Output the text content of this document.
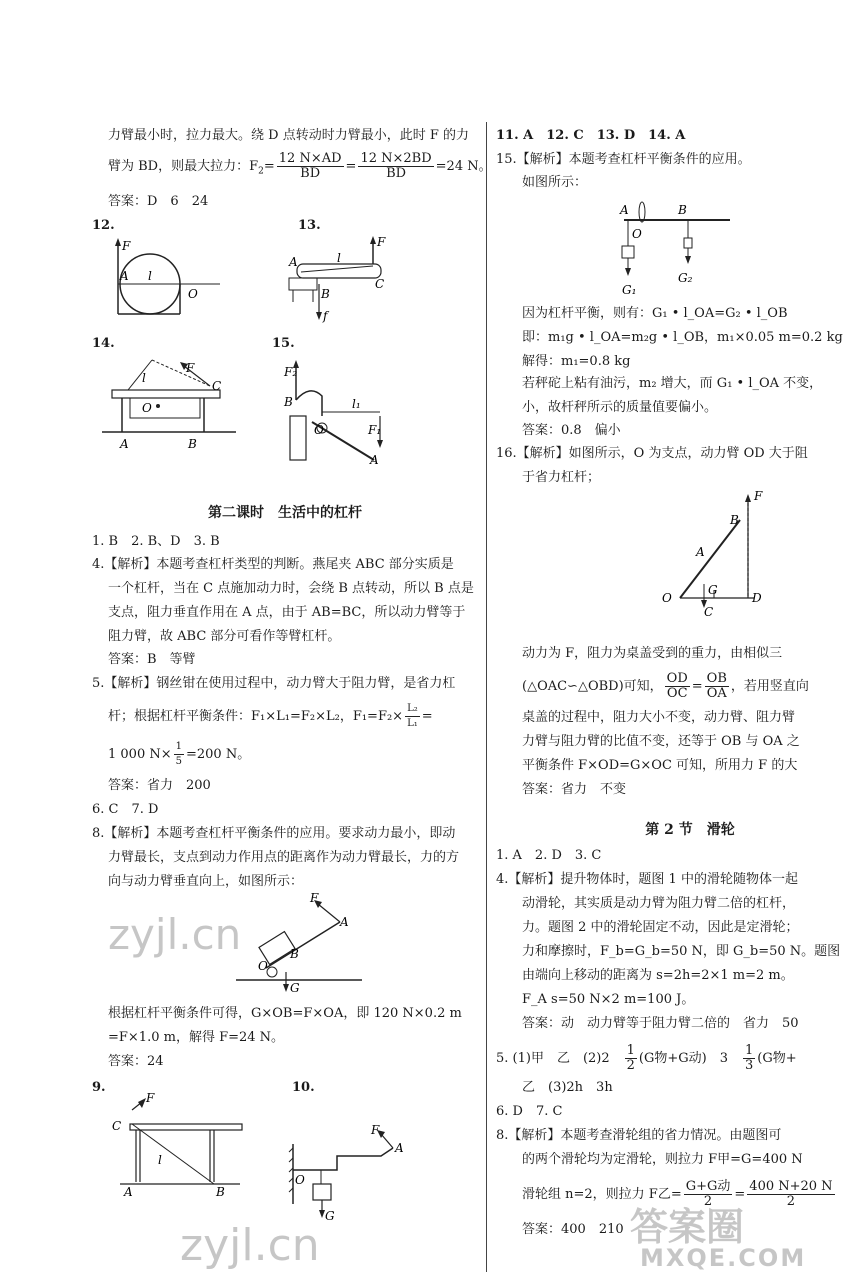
力臂最小时，拉力最大。绕 D 点转动时力臂最小，此时 F 的力
臂为 BD，则最大拉力：$F_2= \frac{12 N\times AD}{BD} = \frac{12 N\times 2BD}{BD} =24$ N。
答案：D　6　24
12.	13.
F
A l
O
A	l
F
C
B
f
14.	15.
F
C
l
O
A	B
F₂
B
O
l₁
F₁
A
第二课时　生活中的杠杆
1. B　2. B、D　3. B
4.【解析】本题考查杠杆类型的判断。燕尾夹 ABC 部分实质是
一个杠杆，当在 C 点施加动力时，会绕 B 点转动，所以 B 点是
支点，阻力垂直作用在 A 点，由于 AB=BC，所以动力臂等于
阻力臂，故 ABC 部分可看作等臂杠杆。
答案：B　等臂
5.【解析】钢丝钳在使用过程中，动力臂大于阻力臂，是省力杠
杆；根据杠杆平衡条件：F₁×L₁=F₂×L₂，$F_1=F_2\times \frac{\text{L₂}}{\text{L₁}}$ =
1 000 $N\times \frac{1}{5} =200$ N。
答案：省力　200
6. C　7. D
8.【解析】本题考查杠杆平衡条件的应用。要求动力最小，即动
力臂最长，支点到动力作用点的距离作为动力臂最长，力的方
向与动力臂垂直向上，如图所示：
F
A
O
B
G
zyjl.cn
根据杠杆平衡条件可得，G×OB=F×OA，即 120 N×0.2 m
=F×1.0 m，解得 F=24 N。
答案：24
9.	10.
F
C
l
A	B
F
A
O
G
zyjl.cn
11. A　12. C　13. D　14. A
15.【解析】本题考查杠杆平衡条件的应用。
如图所示：
A
O
B
G₁
G₂
因为杠杆平衡，则有：G₁ • l_OA=G₂ • l_OB
即：m₁g • l_OA=m₂g • l_OB，m₁×0.05 m=0.2 kg
解得：m₁=0.8 kg
若秤砣上粘有油污，m₂ 增大，而 G₁ • l_OA 不变，
小，故杆秤所示的质量值要偏小。
答案：0.8　偏小
16.【解析】如图所示，O 为支点，动力臂 OD 大于阻
于省力杠杆；
F
B
A
O
G
C
D
动力为 F，阻力为桌盖受到的重力，由相似三
(△OAC∽△OBD)可知， $\frac{OD}{OC} = \frac{OB}{OA}$ ，若用竖直向
桌盖的过程中，阻力大小不变，动力臂、阻力臂
力臂与阻力臂的比值不变，还等于 OB 与 OA 之
平衡条件 F×OD=G×OC 可知，所用力 F 的大
答案：省力　不变
第 2 节　滑轮
1. A　2. D　3. C
4.【解析】提升物体时，题图 1 中的滑轮随物体一起
动滑轮，其实质是动力臂为阻力臂二倍的杠杆，
力。题图 2 中的滑轮固定不动，因此是定滑轮；
力和摩擦时，F_b=G_b=50 N，即 G_b=50 N。题图
由端向上移动的距离为 s=2h=2×1 m=2 m。
F_A s=50 N×2 m=100 J。
答案：动　动力臂等于阻力臂二倍的　省力　50
5. (1)甲　乙　(2)2　 $\frac{1}{2} (G$物+G动)　3　 $\frac{1}{3} (G$物+
乙　(3)2h　3h
6. D　7. C
8.【解析】本题考查滑轮组的省力情况。由题图可
的两个滑轮均为定滑轮，则拉力 F甲=G=400 N
滑轮组 n=2，则拉力 F乙= $\frac{\text{G+G动}}{2} = \frac{400 N+20 N}{2}$
答案：400　210 答案圈
MXQE.COM
